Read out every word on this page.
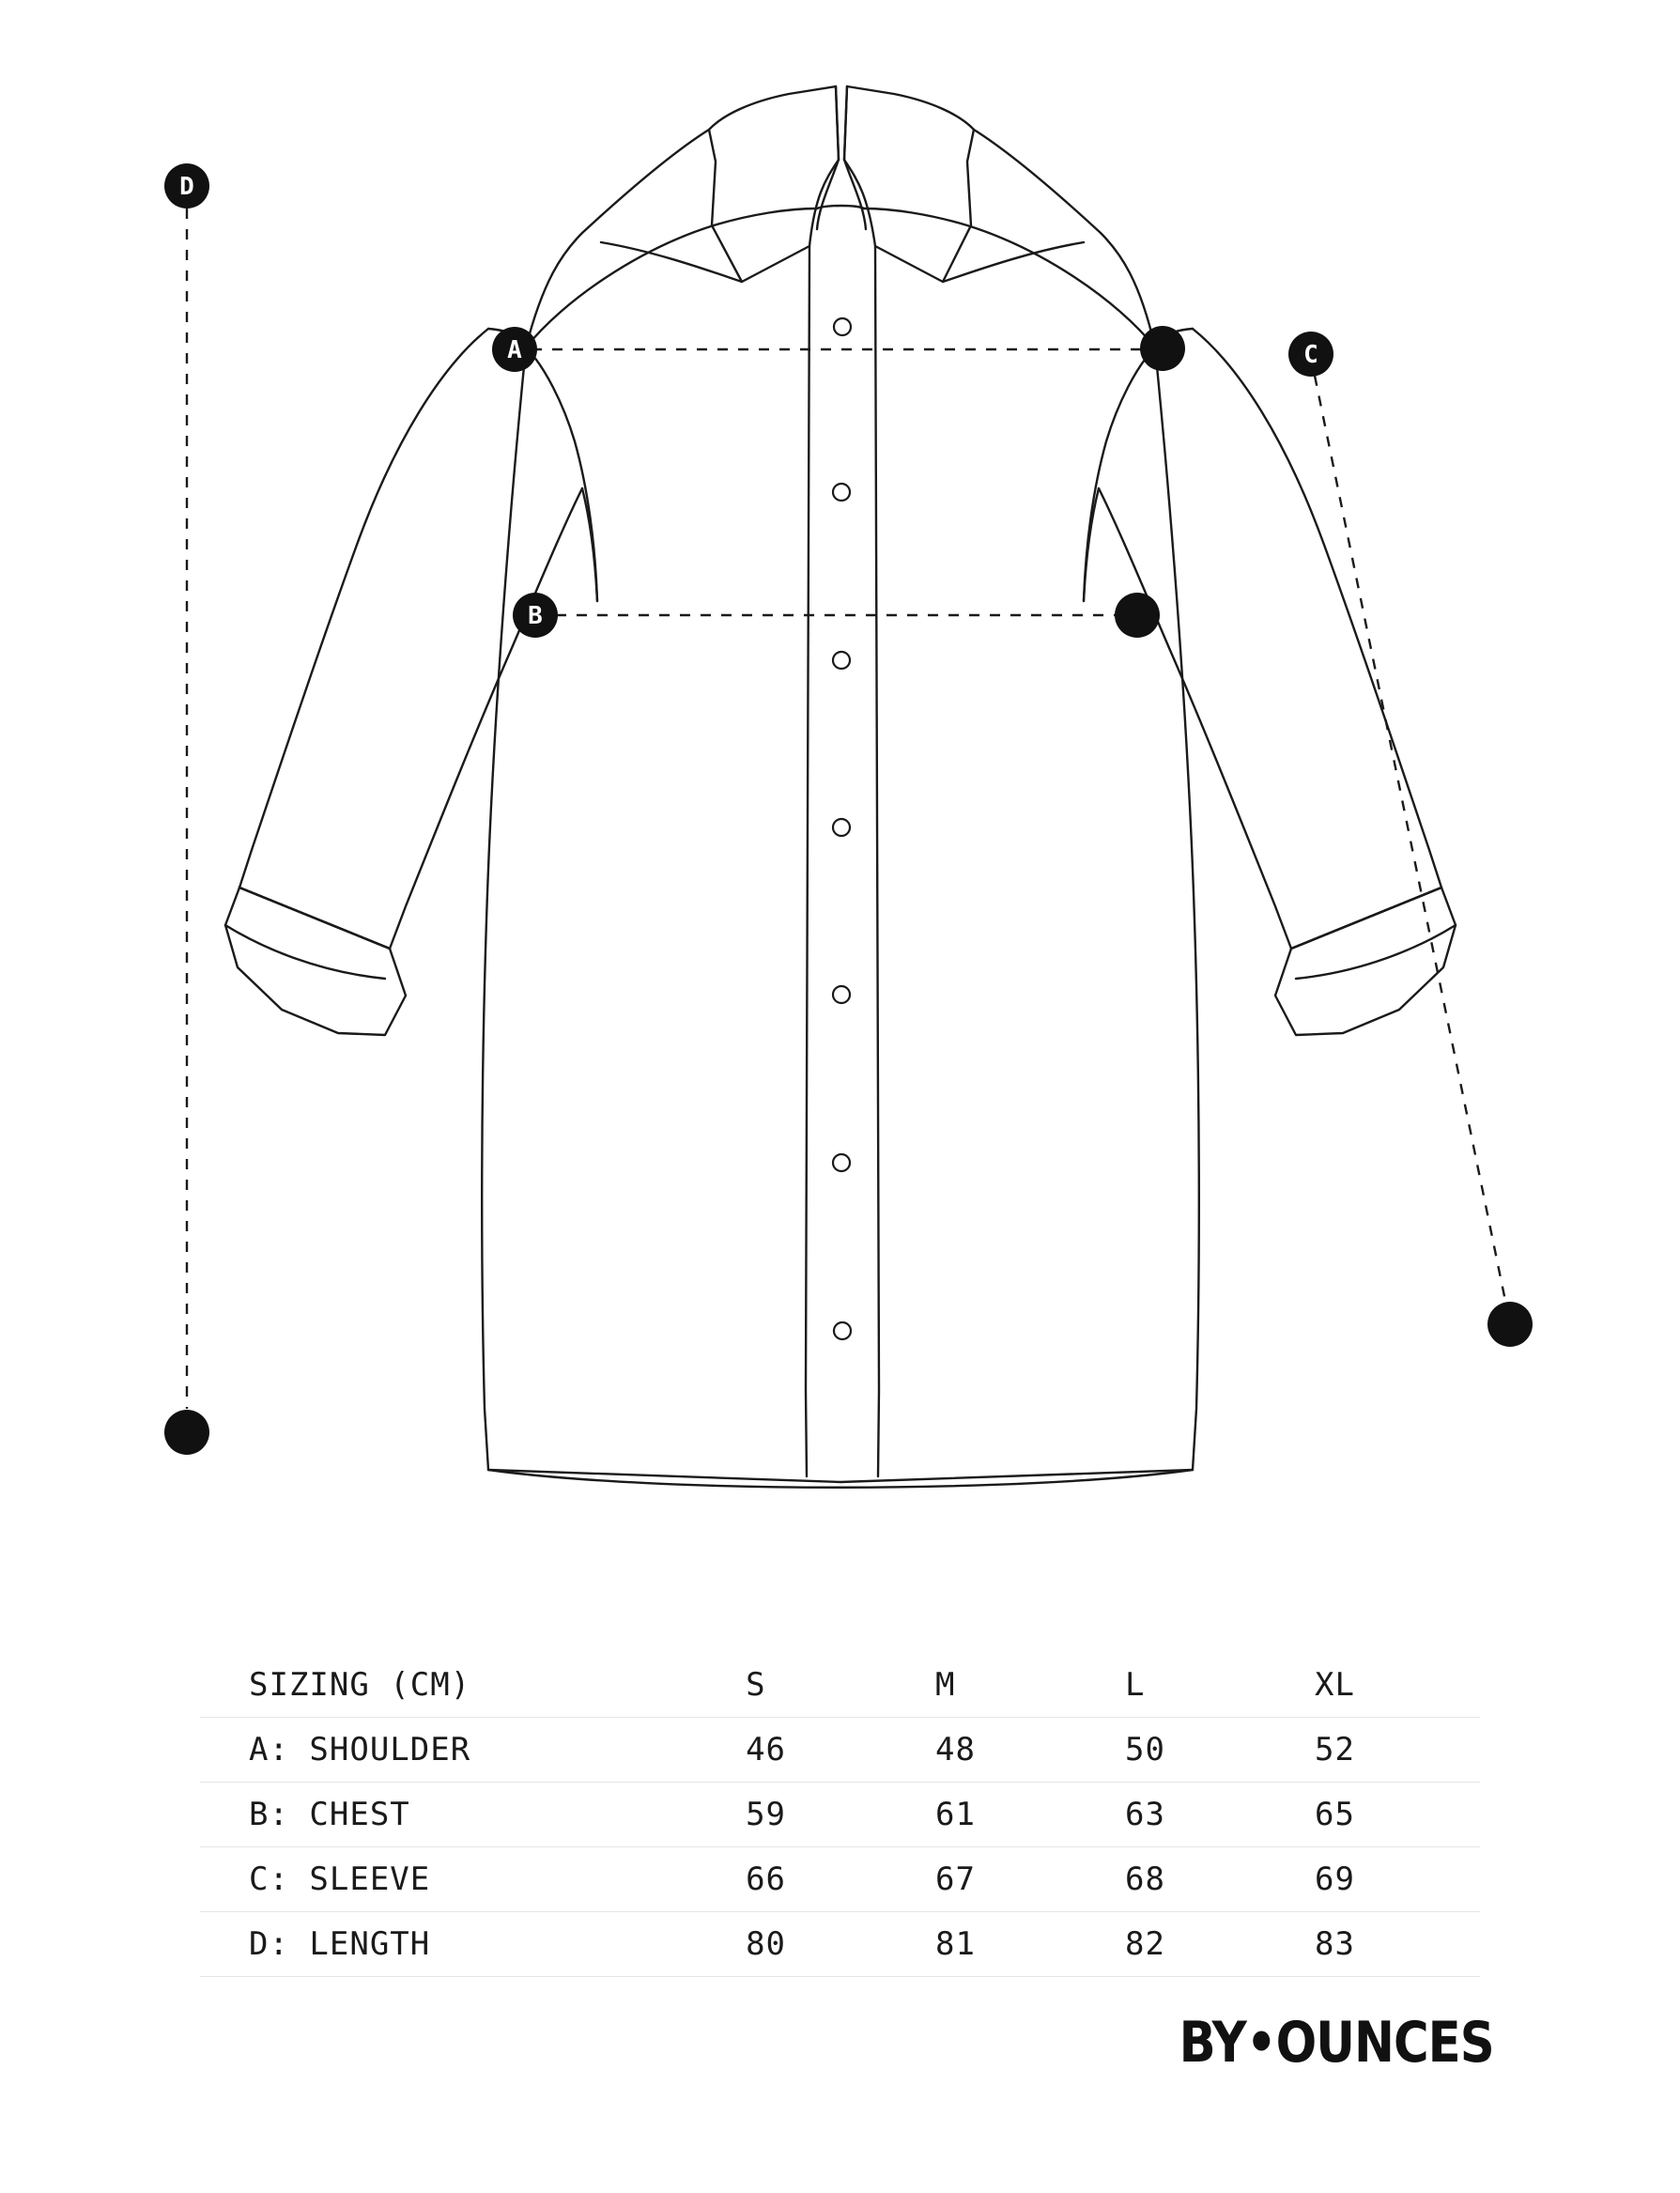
A
B
C
D
SIZING (CM)	S	M	L	XL
A: SHOULDER	46	48	50	52
B: CHEST	59	61	63	65
C: SLEEVE	66	67	68	69
D: LENGTH	80	81	82	83
BY•OUNCES
